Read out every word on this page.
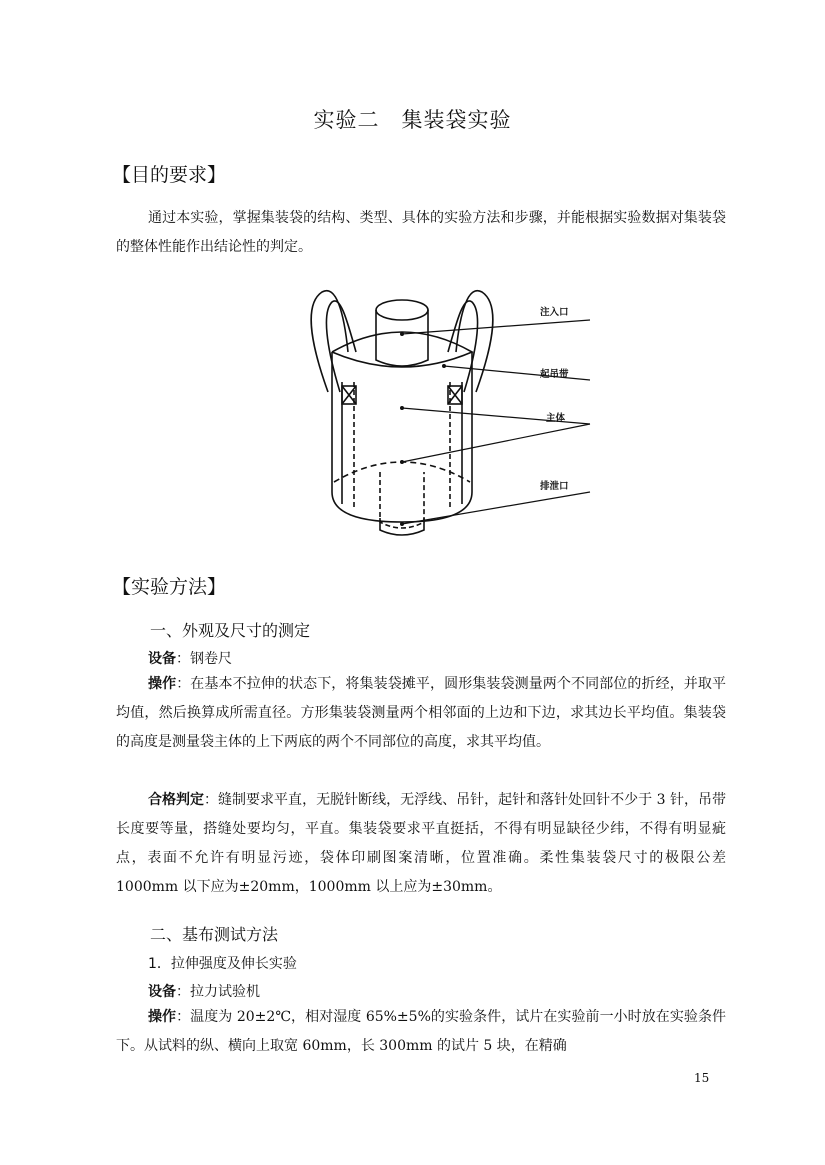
实验二 集装袋实验
【目的要求】

通过本实验，掌握集装袋的结构、类型、具体的实验方法和步骤，并能根据实验数据对集装袋的整体性能作出结论性的判定。

注入口
起吊带
主体
排泄口
【实验方法】
一、外观及尺寸的测定

设备：钢卷尺

操作：在基本不拉伸的状态下，将集装袋摊平，圆形集装袋测量两个不同部位的折经，并取平均值，然后换算成所需直径。方形集装袋测量两个相邻面的上边和下边，求其边长平均值。集装袋的高度是测量袋主体的上下两底的两个不同部位的高度，求其平均值。

合格判定：缝制要求平直，无脱针断线，无浮线、吊针，起针和落针处回针不少于 3 针，吊带长度要等量，搭缝处要均匀，平直。集装袋要求平直挺括，不得有明显缺径少纬，不得有明显疵点，表面不允许有明显污迹，袋体印刷图案清晰，位置准确。柔性集装袋尺寸的极限公差 1000mm 以下应为±20mm，1000mm 以上应为±30mm。

二、基布测试方法

1．拉伸强度及伸长实验

设备：拉力试验机

操作：温度为 20±2℃，相对湿度 65%±5%的实验条件，试片在实验前一小时放在实验条件下。从试料的纵、横向上取宽 60mm，长 300mm 的试片 5 块，在精确

15
